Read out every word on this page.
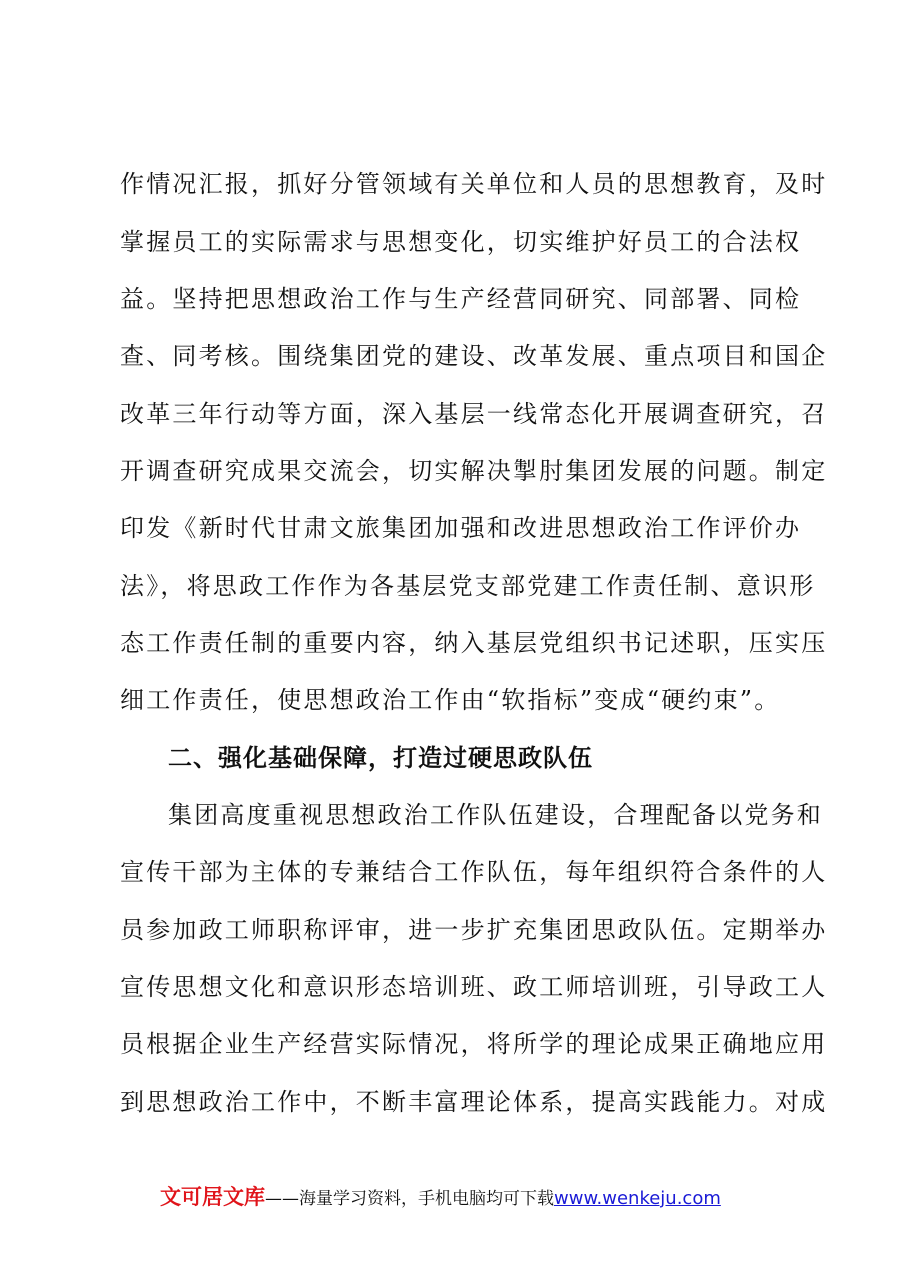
作情况汇报，抓好分管领域有关单位和人员的思想教育，及时
掌握员工的实际需求与思想变化，切实维护好员工的合法权
益。坚持把思想政治工作与生产经营同研究、同部署、同检
查、同考核。围绕集团党的建设、改革发展、重点项目和国企
改革三年行动等方面，深入基层一线常态化开展调查研究，召
开调查研究成果交流会，切实解决掣肘集团发展的问题。制定
印发《新时代甘肃文旅集团加强和改进思想政治工作评价办
法》，将思政工作作为各基层党支部党建工作责任制、意识形
态工作责任制的重要内容，纳入基层党组织书记述职，压实压
细工作责任，使思想政治工作由“软指标”变成“硬约束”。
二、强化基础保障，打造过硬思政队伍
集团高度重视思想政治工作队伍建设，合理配备以党务和
宣传干部为主体的专兼结合工作队伍，每年组织符合条件的人
员参加政工师职称评审，进一步扩充集团思政队伍。定期举办
宣传思想文化和意识形态培训班、政工师培训班，引导政工人
员根据企业生产经营实际情况，将所学的理论成果正确地应用
到思想政治工作中，不断丰富理论体系，提高实践能力。对成
文可居文库——海量学习资料，手机电脑均可下载www.wenkeju.com
